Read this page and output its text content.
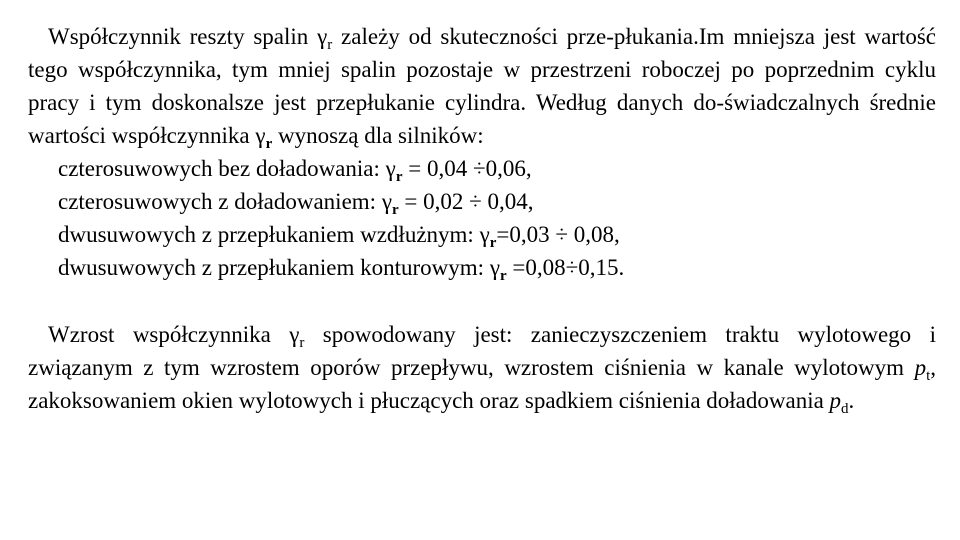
Współczynnik reszty spalin $\gamma_r$ zależy od skuteczności prze-płukania.Im mniejsza jest wartość tego współczynnika, tym mniej spalin pozostaje w przestrzeni roboczej po poprzednim cyklu pracy i tym doskonalsze jest przepłukanie cylindra. Według danych do-świadczalnych średnie wartości współczynnika $\gamma_r$ wynoszą dla silników:

czterosuwowych bez doładowania: $\gamma_r = 0,04 \div 0,06$,
czterosuwowych z doładowaniem: $\gamma_r = 0,02 \div 0,04$,
dwusuwowych z przepłukaniem wzdłużnym: $\gamma_r=0,03 \div 0,08$,
dwusuwowych z przepłukaniem konturowym: $\gamma_r =0,08\div 0,15$.

Wzrost współczynnika $\gamma_r$ spowodowany jest: zanieczyszczeniem traktu wylotowego i związanym z tym wzrostem oporów przepływu, wzrostem ciśnienia w kanale wylotowym $p_t$, zakoksowaniem okien wylotowych i płuczących oraz spadkiem ciśnienia doładowania $p_d$.
